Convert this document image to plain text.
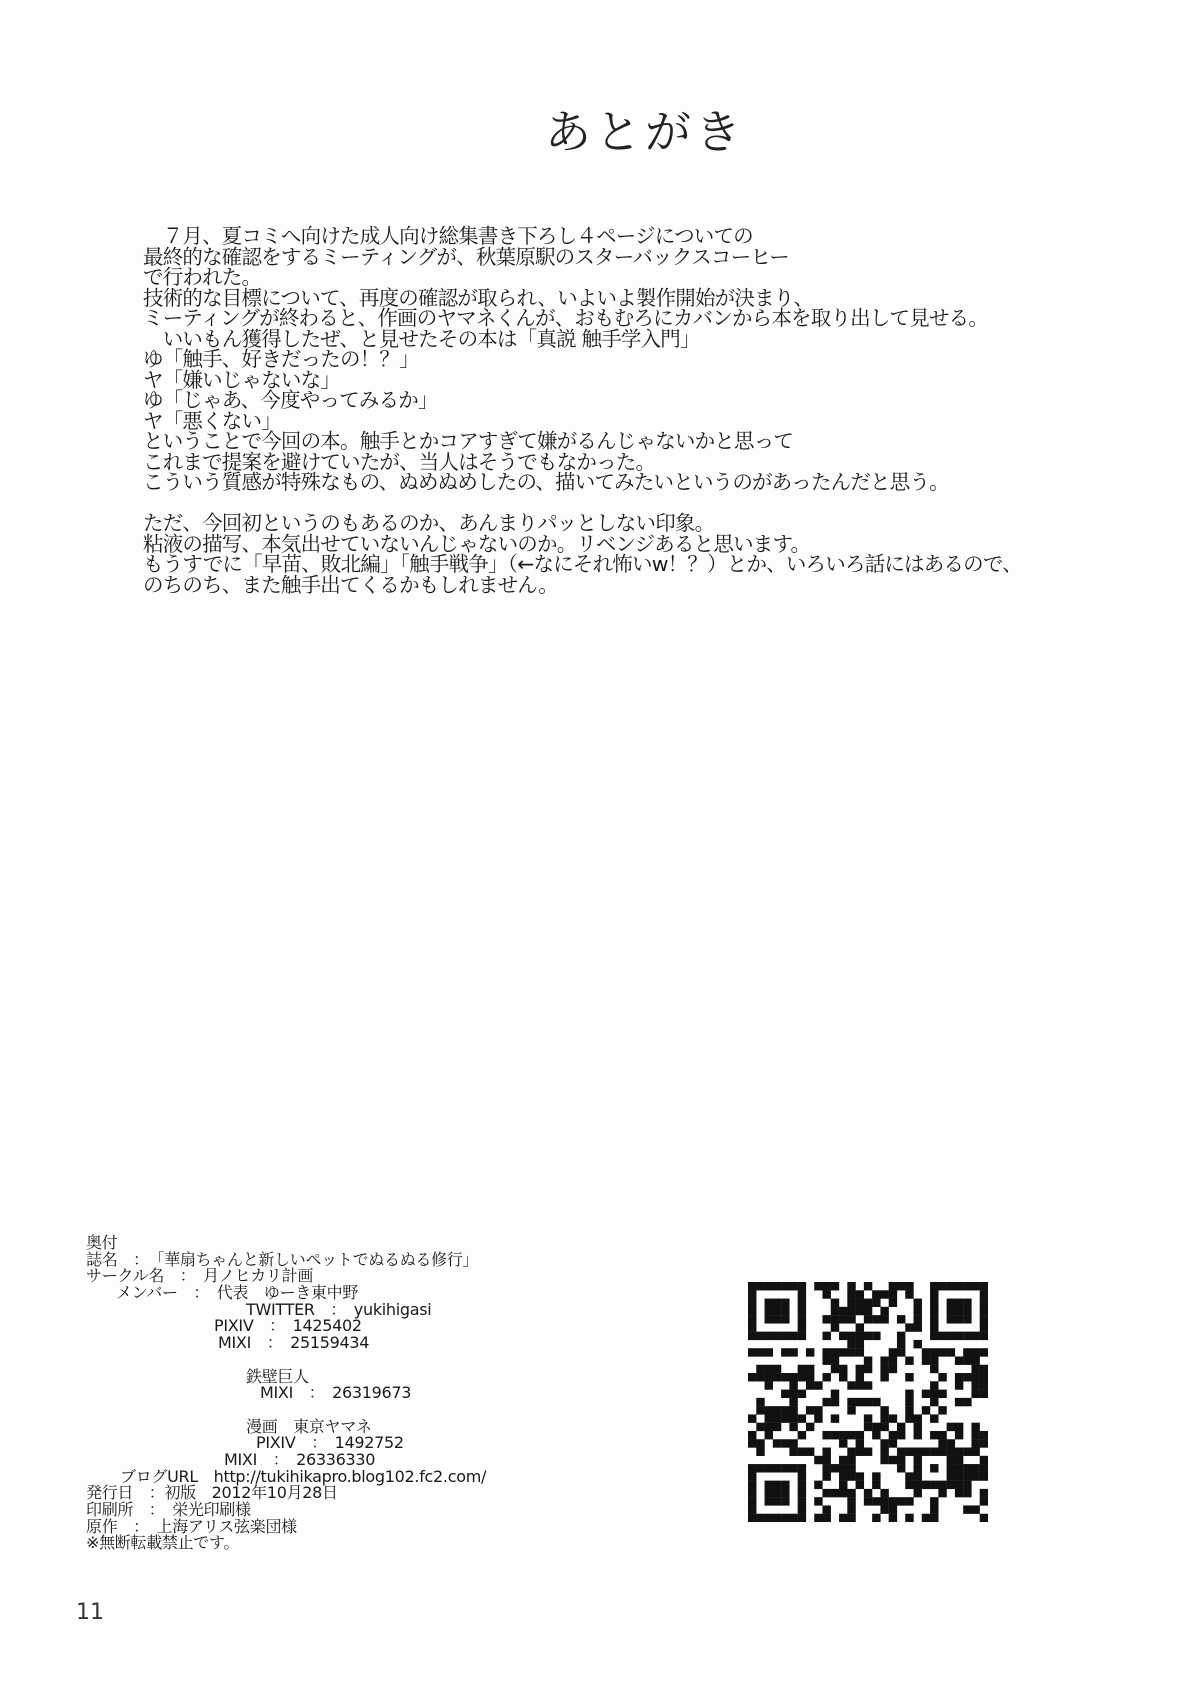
あとがき
　７月、夏コミへ向けた成人向け総集書き下ろし４ページについての
最終的な確認をするミーティングが、秋葉原駅のスターバックスコーヒー
で行われた。
技術的な目標について、再度の確認が取られ、いよいよ製作開始が決まり、
ミーティングが終わると、作画のヤマネくんが、おもむろにカバンから本を取り出して見せる。
　いいもん獲得したぜ、と見せたその本は「真説 触手学入門」
ゆ「触手、好きだったの！？」
ヤ「嫌いじゃないな」
ゆ「じゃあ、今度やってみるか」
ヤ「悪くない」
ということで今回の本。触手とかコアすぎて嫌がるんじゃないかと思って
これまで提案を避けていたが、当人はそうでもなかった。
こういう質感が特殊なもの、ぬめぬめしたの、描いてみたいというのがあったんだと思う。
ただ、今回初というのもあるのか、あんまりパッとしない印象。
粘液の描写、本気出せていないんじゃないのか。リベンジあると思います。
もうすでに「早苗、敗北編」「触手戦争」（←なにそれ怖いw！？）とか、いろいろ話にはあるので、
のちのち、また触手出てくるかもしれません。
奥付
誌名　：　「華扇ちゃんと新しいペットでぬるぬる修行」
サークル名　：　月ノヒカリ計画
メンバー　：　代表　ゆーき東中野
TWITTER　：　yukihigasi
PIXIV　：　1425402
MIXI　：　25159434
鉄壁巨人
MIXI　：　26319673
漫画　東京ヤマネ
PIXIV　：　1492752
MIXI　：　26336330
ブログURL　http://tukihikapro.blog102.fc2.com/
発行日　：初版　2012年10月28日
印刷所　：　栄光印刷様
原作　：　上海アリス弦楽団様
※無断転載禁止です。
11
